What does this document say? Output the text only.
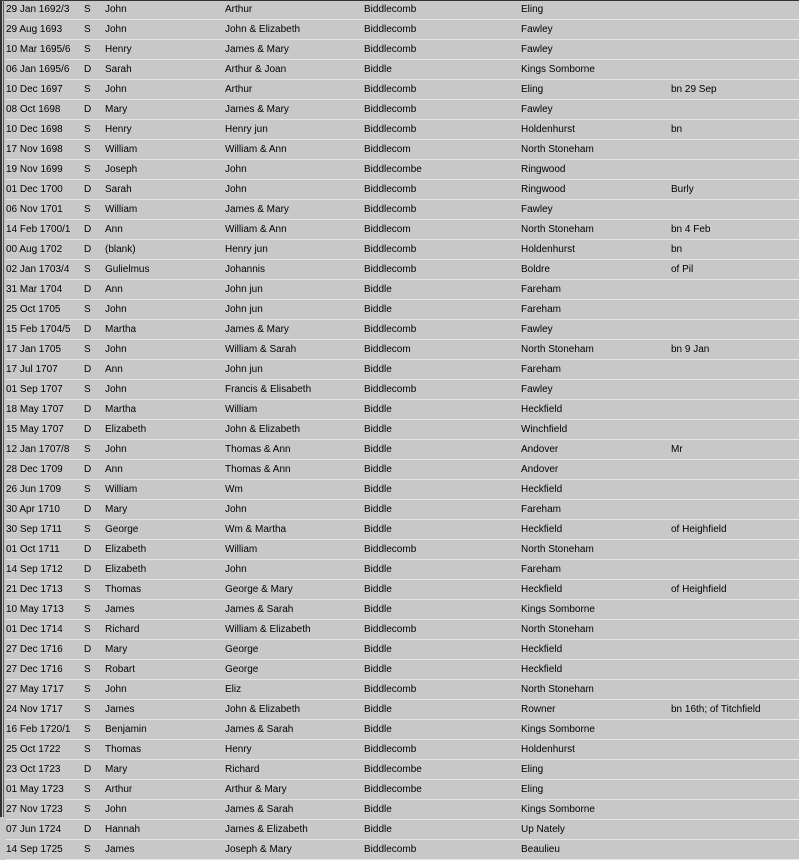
29 Jan 1692/3	S	John	Arthur	Biddlecomb	Eling	
29 Aug 1693	S	John	John & Elizabeth	Biddlecomb	Fawley	
10 Mar 1695/6	S	Henry	James & Mary	Biddlecomb	Fawley	
06 Jan 1695/6	D	Sarah	Arthur & Joan	Biddle	Kings Somborne	
10 Dec 1697	S	John	Arthur	Biddlecomb	Eling	bn 29 Sep
08 Oct 1698	D	Mary	James & Mary	Biddlecomb	Fawley	
10 Dec 1698	S	Henry	Henry jun	Biddlecomb	Holdenhurst	bn
17 Nov 1698	S	William	William & Ann	Biddlecom	North Stoneham	
19 Nov 1699	S	Joseph	John	Biddlecombe	Ringwood	
01 Dec 1700	D	Sarah	John	Biddlecomb	Ringwood	Burly
06 Nov 1701	S	William	James & Mary	Biddlecomb	Fawley	
14 Feb 1700/1	D	Ann	William & Ann	Biddlecom	North Stoneham	bn 4 Feb
00 Aug 1702	D	(blank)	Henry jun	Biddlecomb	Holdenhurst	bn
02 Jan 1703/4	S	Gulielmus	Johannis	Biddlecomb	Boldre	of Pil
31 Mar 1704	D	Ann	John jun	Biddle	Fareham	
25 Oct 1705	S	John	John jun	Biddle	Fareham	
15 Feb 1704/5	D	Martha	James & Mary	Biddlecomb	Fawley	
17 Jan 1705	S	John	William & Sarah	Biddlecom	North Stoneham	bn 9 Jan
17 Jul 1707	D	Ann	John jun	Biddle	Fareham	
01 Sep 1707	S	John	Francis & Elisabeth	Biddlecomb	Fawley	
18 May 1707	D	Martha	William	Biddle	Heckfield	
15 May 1707	D	Elizabeth	John & Elizabeth	Biddle	Winchfield	
12 Jan 1707/8	S	John	Thomas & Ann	Biddle	Andover	Mr
28 Dec 1709	D	Ann	Thomas & Ann	Biddle	Andover	
26 Jun 1709	S	William	Wm	Biddle	Heckfield	
30 Apr 1710	D	Mary	John	Biddle	Fareham	
30 Sep 1711	S	George	Wm & Martha	Biddle	Heckfield	of Heighfield
01 Oct 1711	D	Elizabeth	William	Biddlecomb	North Stoneham	
14 Sep 1712	D	Elizabeth	John	Biddle	Fareham	
21 Dec 1713	S	Thomas	George & Mary	Biddle	Heckfield	of Heighfield
10 May 1713	S	James	James & Sarah	Biddle	Kings Somborne	
01 Dec 1714	S	Richard	William & Elizabeth	Biddlecomb	North Stoneham	
27 Dec 1716	D	Mary	George	Biddle	Heckfield	
27 Dec 1716	S	Robart	George	Biddle	Heckfield	
27 May 1717	S	John	Eliz	Biddlecomb	North Stoneham	
24 Nov 1717	S	James	John & Elizabeth	Biddle	Rowner	bn 16th; of Titchfield
16 Feb 1720/1	S	Benjamin	James & Sarah	Biddle	Kings Somborne	
25 Oct 1722	S	Thomas	Henry	Biddlecomb	Holdenhurst	
23 Oct 1723	D	Mary	Richard	Biddlecombe	Eling	
01 May 1723	S	Arthur	Arthur & Mary	Biddlecombe	Eling	
27 Nov 1723	S	John	James & Sarah	Biddle	Kings Somborne	
07 Jun 1724	D	Hannah	James & Elizabeth	Biddle	Up Nately	
14 Sep 1725	S	James	Joseph & Mary	Biddlecomb	Beaulieu	
